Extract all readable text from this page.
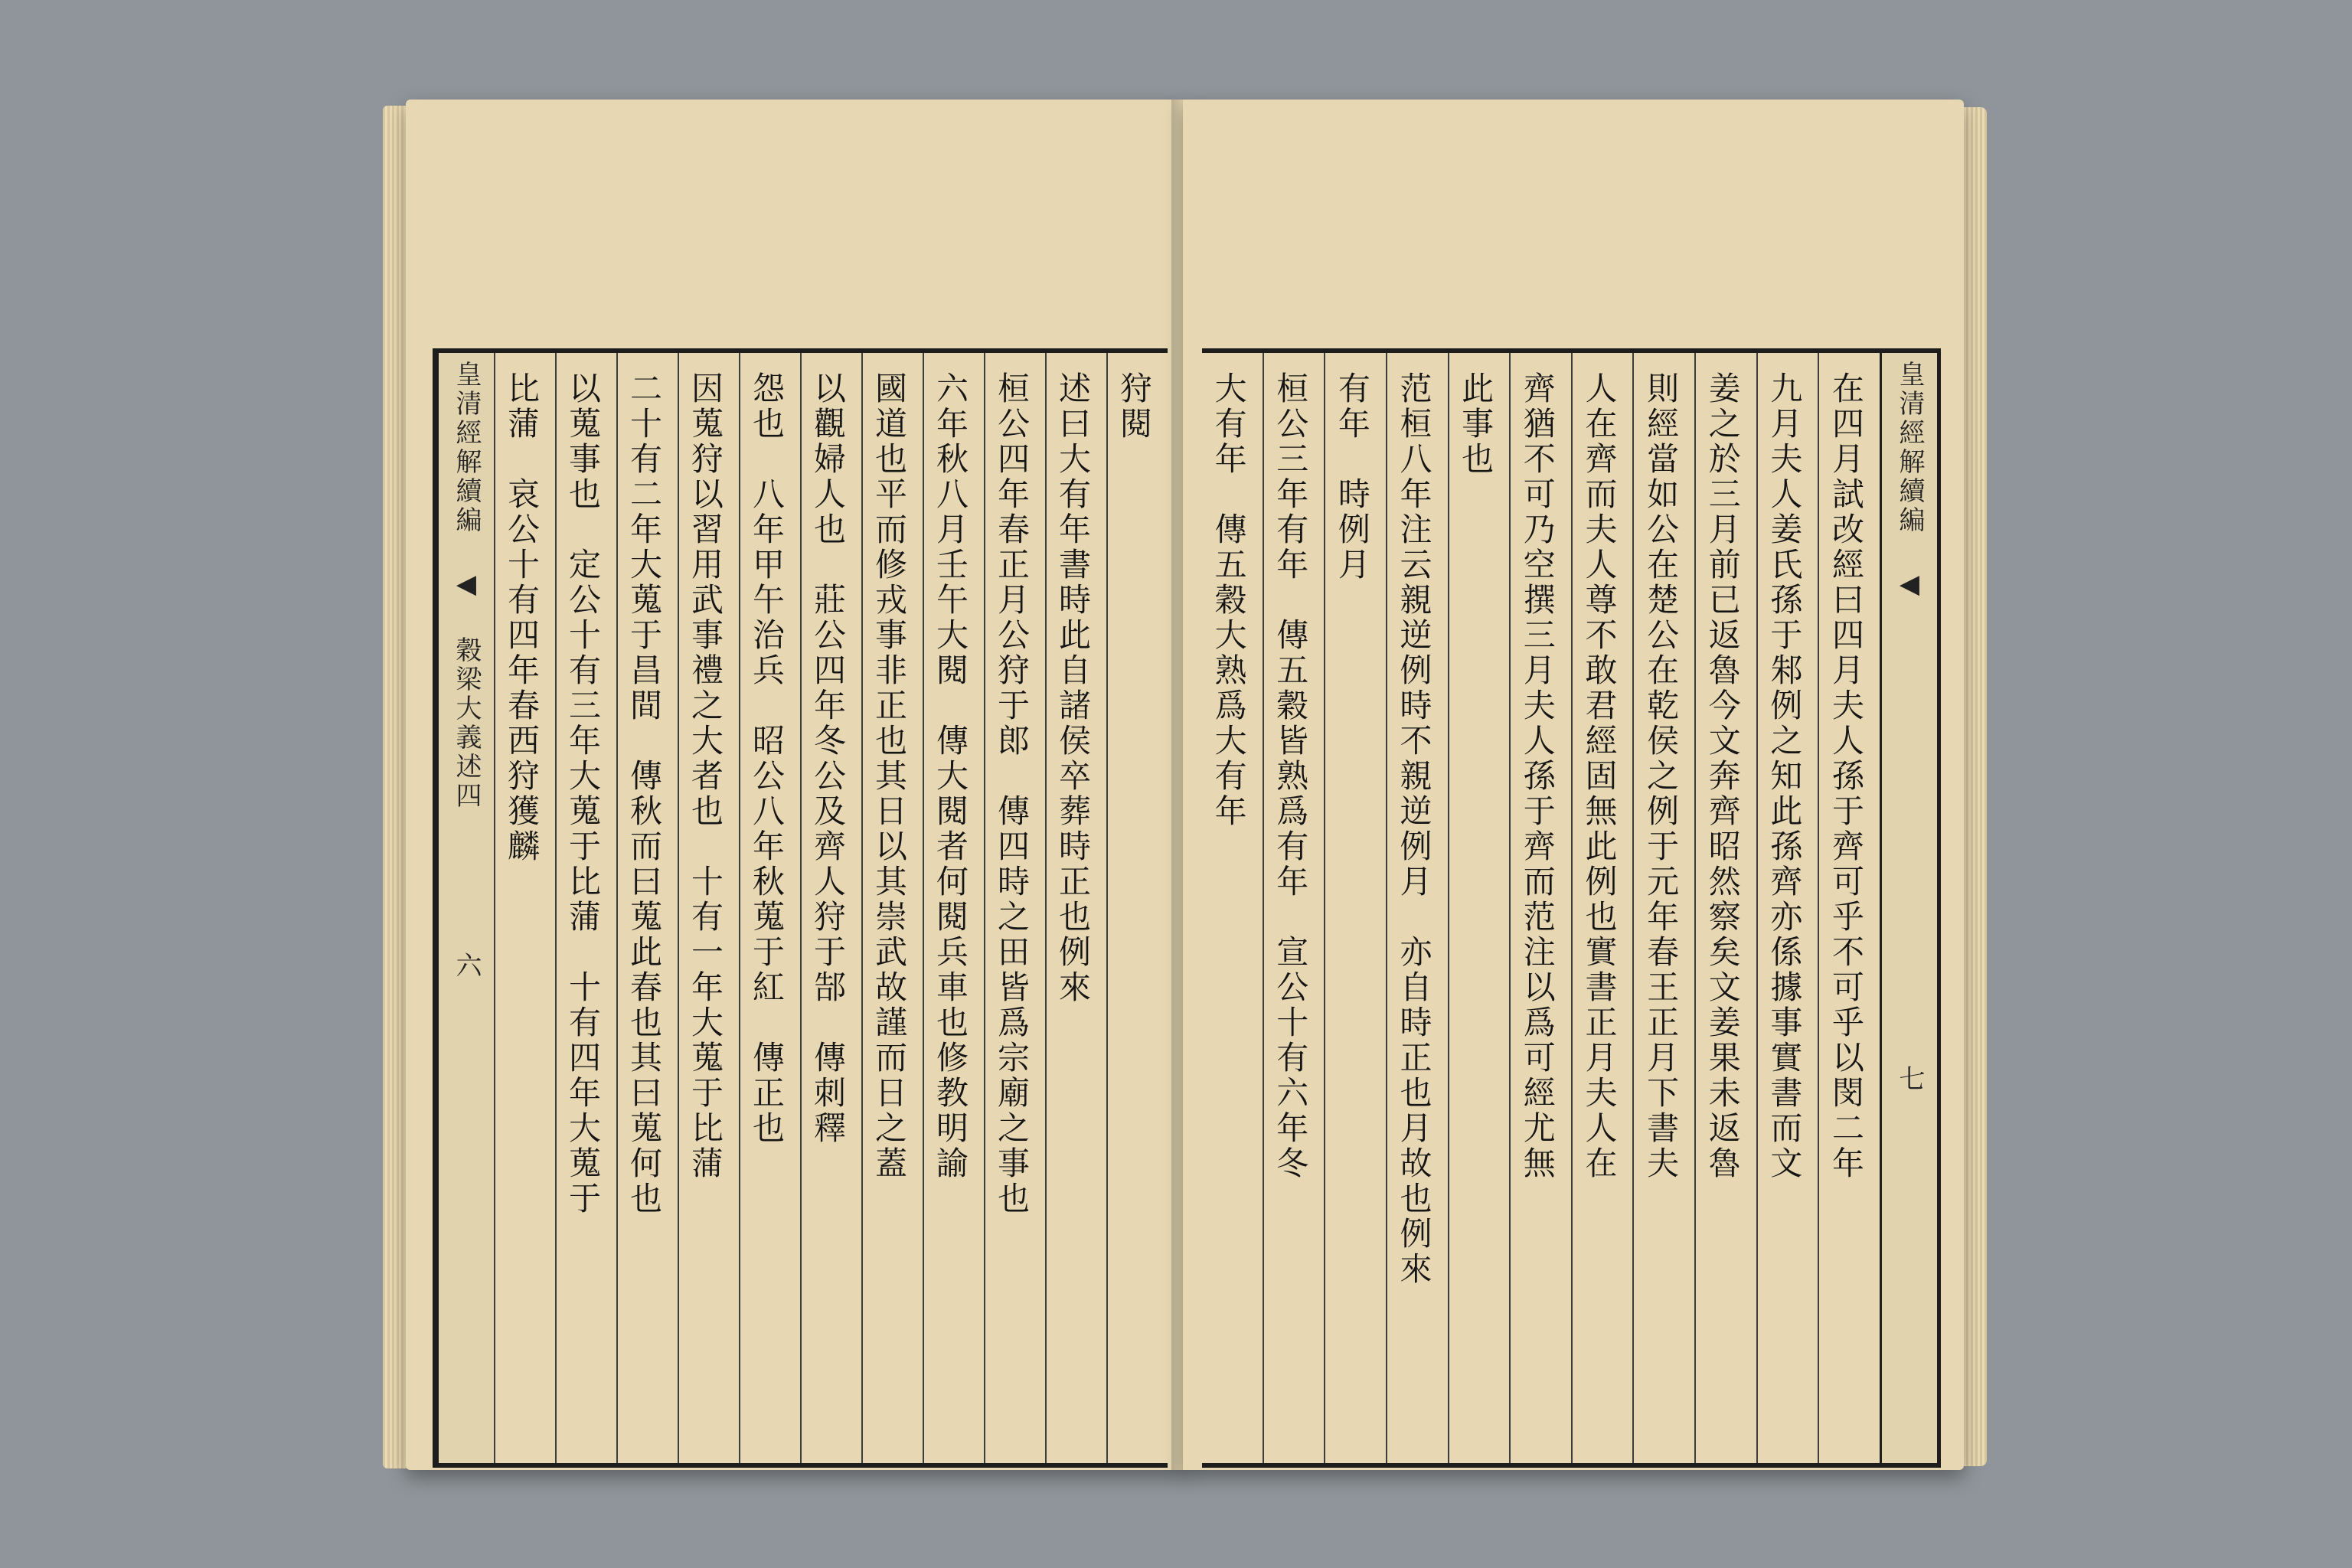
狩閱
述曰大有年書時此自諸侯卒葬時正也例來
桓公四年春正月公狩于郎　傳四時之田皆爲宗廟之事也
六年秋八月壬午大閱　傳大閱者何閱兵車也修教明諭
國道也平而修戎事非正也其日以其崇武故謹而日之蓋
以觀婦人也　莊公四年冬公及齊人狩于郜　傳刺釋
怨也　八年甲午治兵　昭公八年秋蒐于紅　傳正也
因蒐狩以習用武事禮之大者也　十有一年大蒐于比蒲
二十有二年大蒐于昌間　傳秋而曰蒐此春也其曰蒐何也
以蒐事也　定公十有三年大蒐于比蒲　十有四年大蒐于
比蒲　哀公十有四年春西狩獲麟
皇清經解續編 ◀ 穀梁大義述四 六
皇清經解續編 ◀ 七
在四月試改經曰四月夫人孫于齊可乎不可乎以閔二年
九月夫人姜氏孫于邾例之知此孫齊亦係據事實書而文
姜之於三月前已返魯今文奔齊昭然察矣文姜果未返魯
則經當如公在楚公在乾侯之例于元年春王正月下書夫
人在齊而夫人尊不敢君經固無此例也實書正月夫人在
齊猶不可乃空撰三月夫人孫于齊而范注以爲可經尤無
此事也
范桓八年注云親逆例時不親逆例月　亦自時正也月故也例來
有年　時例月
桓公三年有年　傳五穀皆熟爲有年　宣公十有六年冬
大有年　傳五穀大熟爲大有年
